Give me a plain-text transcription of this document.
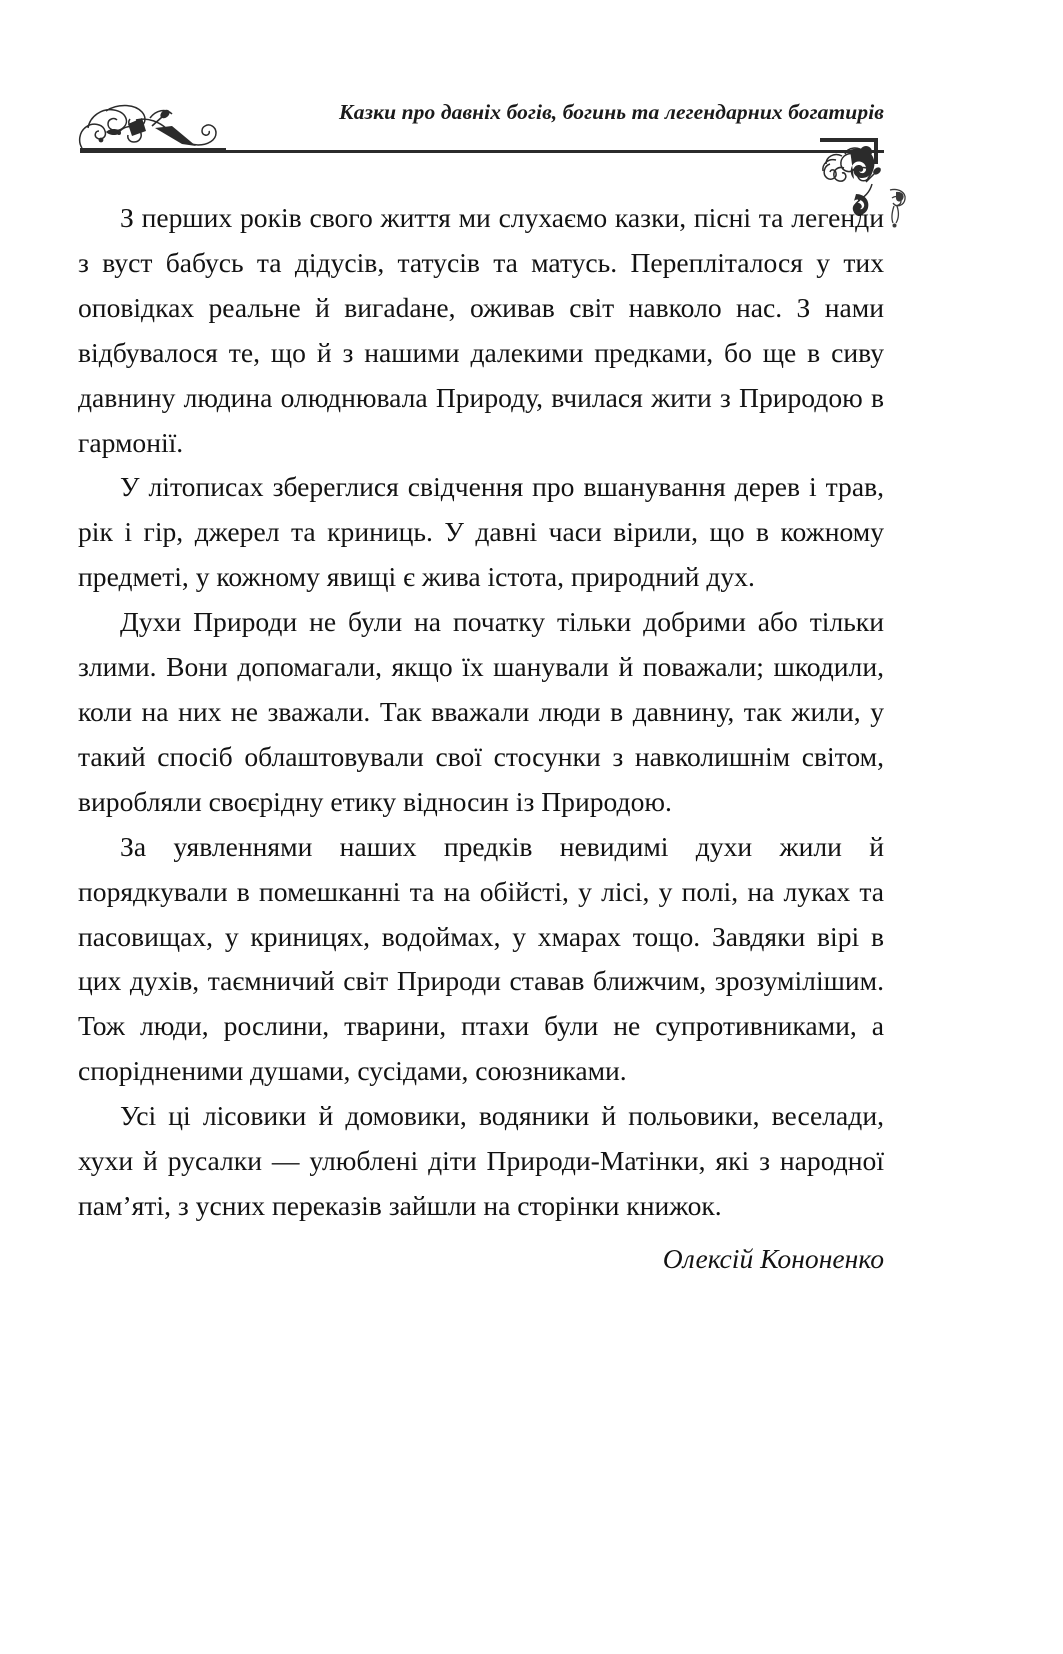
Казки про давніх богів, богинь та легендарних богатирів

З перших років свого життя ми слухаємо казки, пісні та легенди з вуст бабусь та дідусів, татусів та матусь. Перепліталося у тих оповідках реальне й вигаdане, оживав світ навколо нас. З нами відбувалося те, що й з нашими далекими предками, бо ще в сиву давнину людина олюднювала Природу, вчилася жити з Природою в гармонії.

У літописах збереглися свідчення про вшанування дерев і трав, рік і гір, джерел та криниць. У давні часи вірили, що в кожному предметі, у кожному явищі є жива істота, природний дух.

Духи Природи не були на початку тільки добрими або тільки злими. Вони допомагали, якщо їх шанували й поважали; шкодили, коли на них не зважали. Так вважали люди в давнину, так жили, у такий спосіб облаштовували свої стосунки з навколишнім світом, виробляли своєрідну етику відносин із Природою.

За уявленнями наших предків невидимі духи жили й порядкували в помешканні та на обійсті, у лісі, у полі, на луках та пасовищах, у криницях, водоймах, у хмарах тощо. Завдяки вірі в цих духів, таємничий світ Природи ставав ближчим, зрозумілішим. Тож люди, рослини, тварини, птахи були не супротивниками, а спорідненими душами, сусідами, союзниками.

Усі ці лісовики й домовики, водяники й польовики, веселади, хухи й русалки — улюблені діти Природи-Матінки, які з народної пам’яті, з усних переказів зайшли на сторінки книжок.

Олексій Кононенко
